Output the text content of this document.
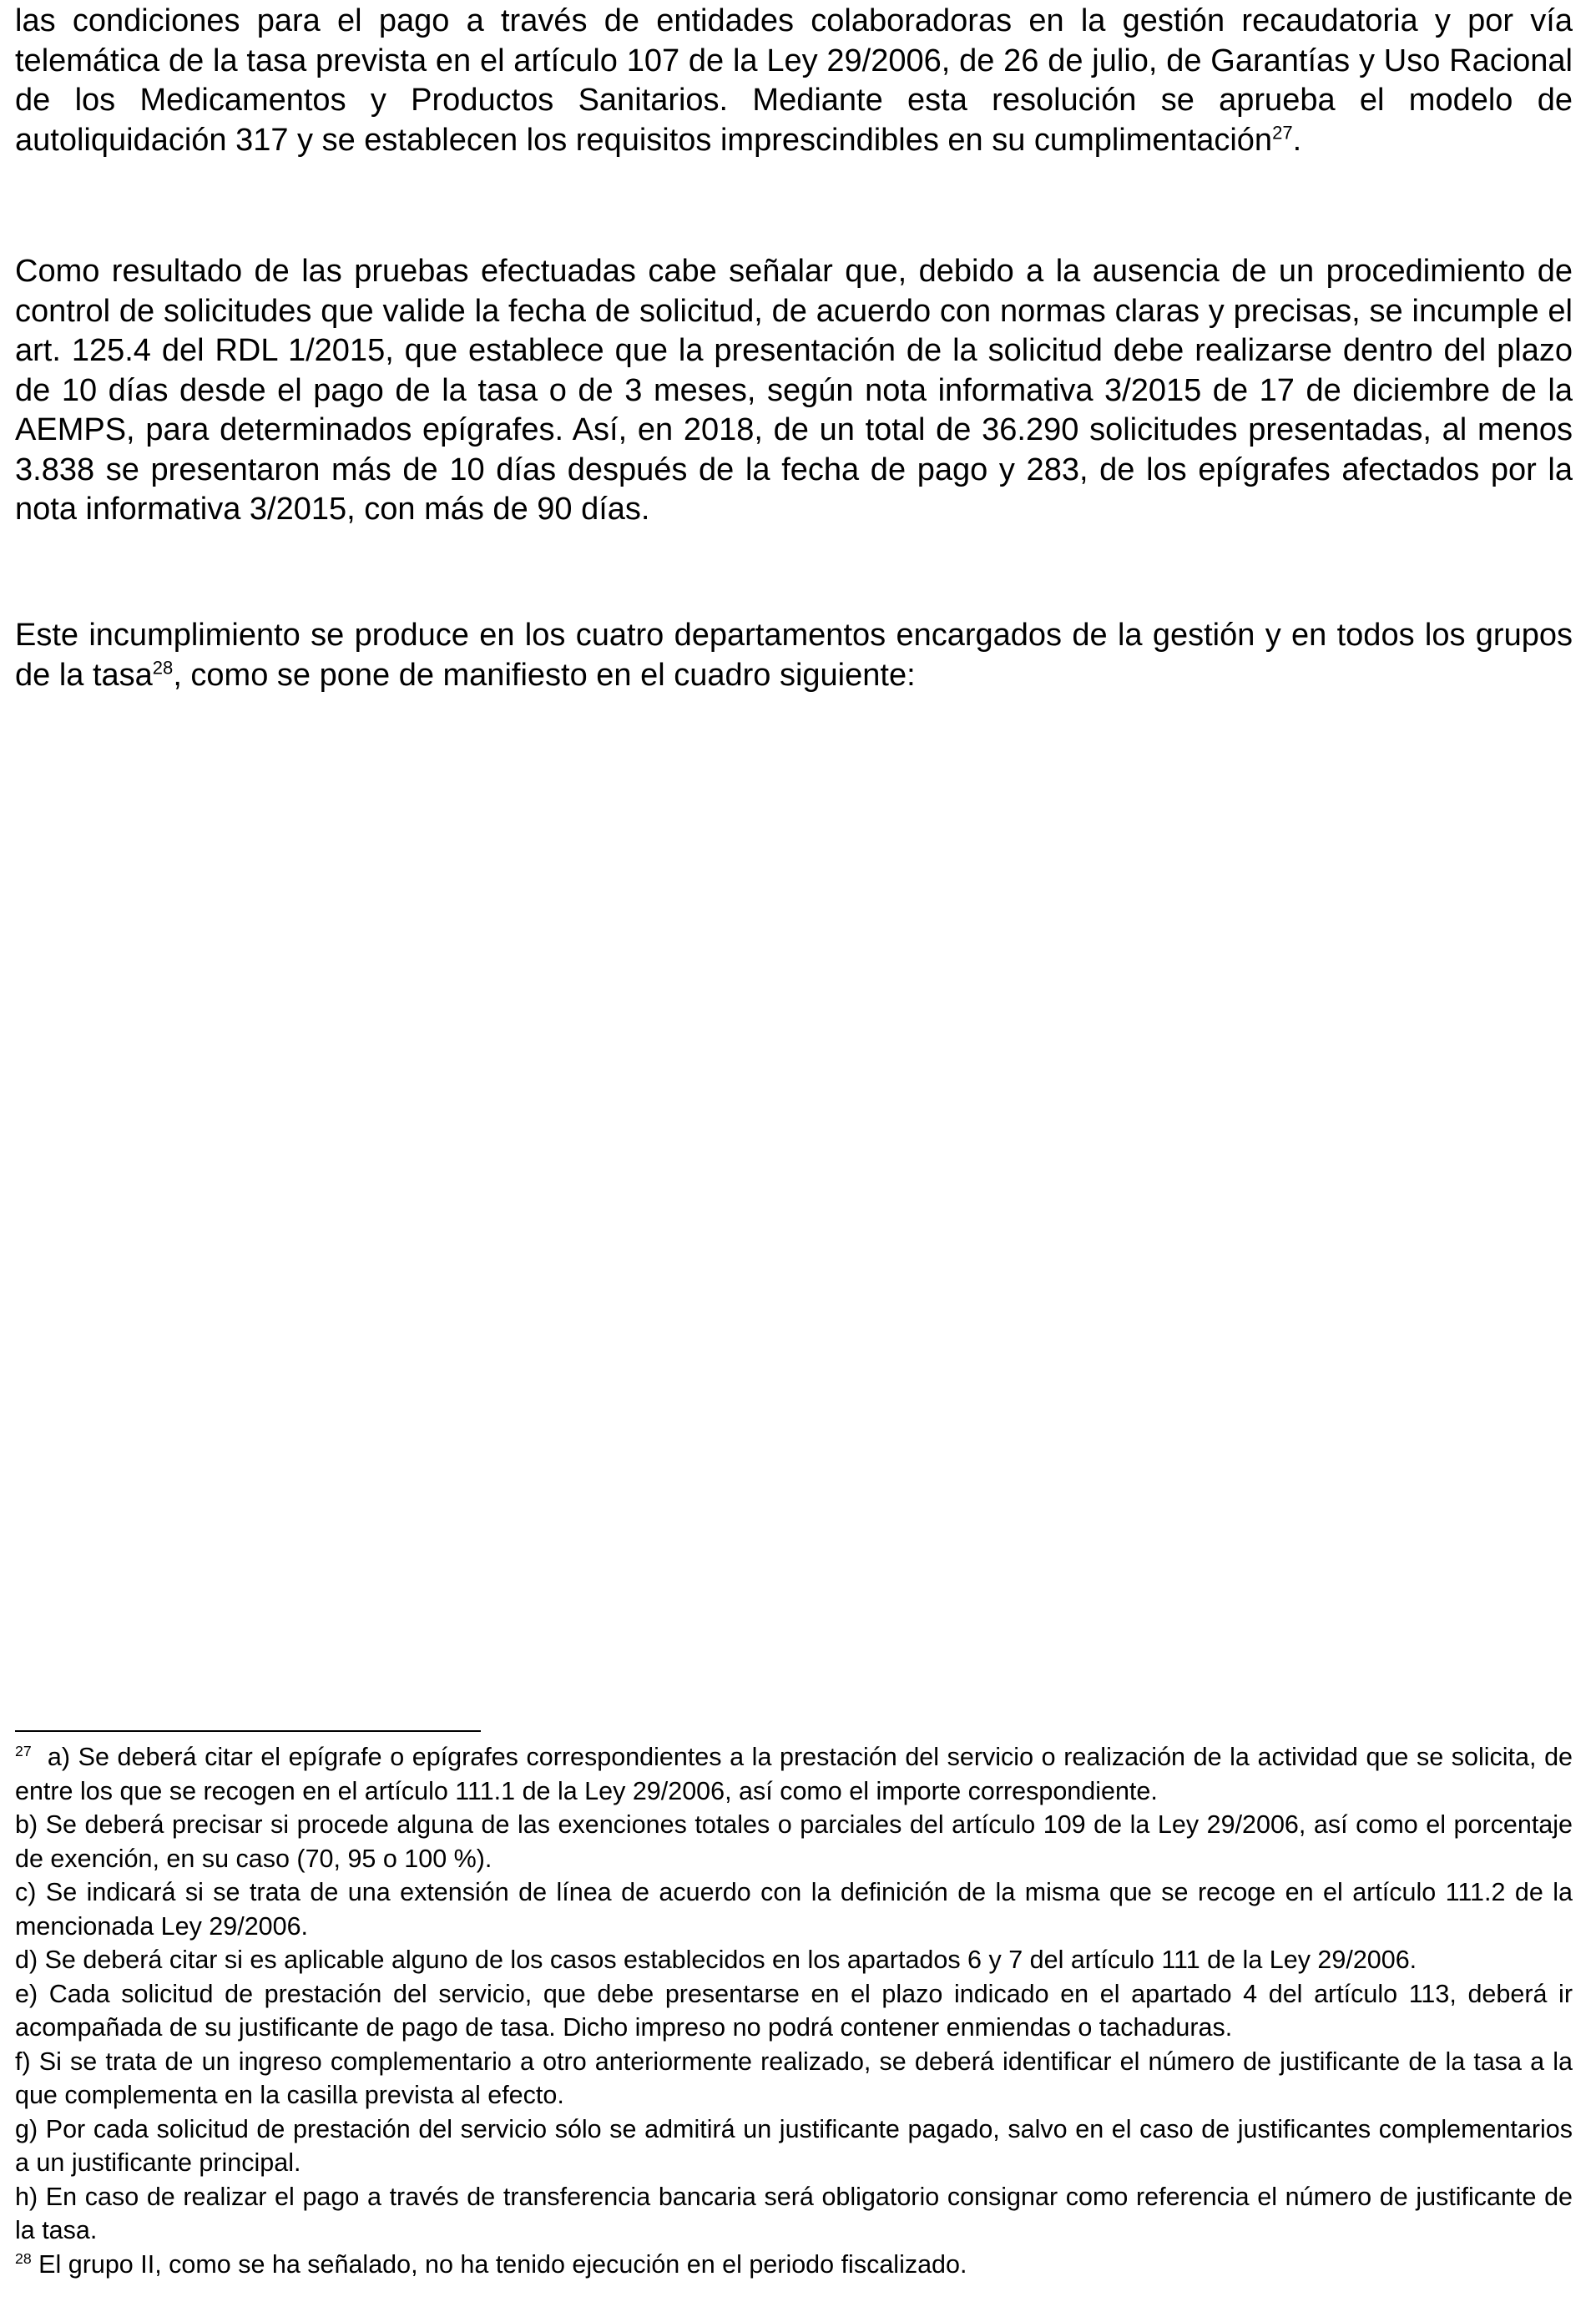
las condiciones para el pago a través de entidades colaboradoras en la gestión recaudatoria y por vía telemática de la tasa prevista en el artículo 107 de la Ley 29/2006, de 26 de julio, de Garantías y Uso Racional de los Medicamentos y Productos Sanitarios. Mediante esta resolución se aprueba el modelo de autoliquidación 317 y se establecen los requisitos imprescindibles en su cumplimentación$^{27}$.

Como resultado de las pruebas efectuadas cabe señalar que, debido a la ausencia de un procedimiento de control de solicitudes que valide la fecha de solicitud, de acuerdo con normas claras y precisas, se incumple el art. 125.4 del RDL 1/2015, que establece que la presentación de la solicitud debe realizarse dentro del plazo de 10 días desde el pago de la tasa o de 3 meses, según nota informativa 3/2015 de 17 de diciembre de la AEMPS, para determinados epígrafes. Así, en 2018, de un total de 36.290 solicitudes presentadas, al menos 3.838 se presentaron más de 10 días después de la fecha de pago y 283, de los epígrafes afectados por la nota informativa 3/2015, con más de 90 días.

Este incumplimiento se produce en los cuatro departamentos encargados de la gestión y en todos los grupos de la tasa$^{28}$, como se pone de manifiesto en el cuadro siguiente:

$^{27}$ a) Se deberá citar el epígrafe o epígrafes correspondientes a la prestación del servicio o realización de la actividad que se solicita, de entre los que se recogen en el artículo 111.1 de la Ley 29/2006, así como el importe correspondiente.

b) Se deberá precisar si procede alguna de las exenciones totales o parciales del artículo 109 de la Ley 29/2006, así como el porcentaje de exención, en su caso (70, 95 o 100 %).

c) Se indicará si se trata de una extensión de línea de acuerdo con la definición de la misma que se recoge en el artículo 111.2 de la mencionada Ley 29/2006.

d) Se deberá citar si es aplicable alguno de los casos establecidos en los apartados 6 y 7 del artículo 111 de la Ley 29/2006.

e) Cada solicitud de prestación del servicio, que debe presentarse en el plazo indicado en el apartado 4 del artículo 113, deberá ir acompañada de su justificante de pago de tasa. Dicho impreso no podrá contener enmiendas o tachaduras.

f) Si se trata de un ingreso complementario a otro anteriormente realizado, se deberá identificar el número de justificante de la tasa a la que complementa en la casilla prevista al efecto.

g) Por cada solicitud de prestación del servicio sólo se admitirá un justificante pagado, salvo en el caso de justificantes complementarios a un justificante principal.

h) En caso de realizar el pago a través de transferencia bancaria será obligatorio consignar como referencia el número de justificante de la tasa.

$^{28}$ El grupo II, como se ha señalado, no ha tenido ejecución en el periodo fiscalizado.
